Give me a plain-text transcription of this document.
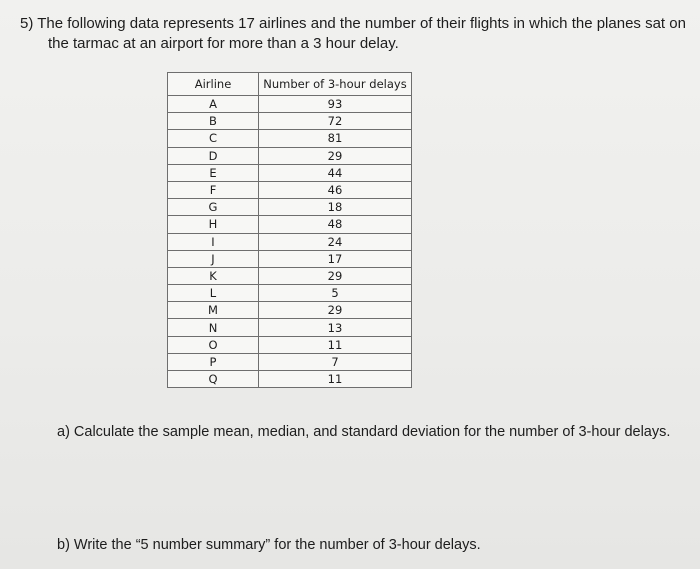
5) The following data represents 17 airlines and the number of their flights in which the planes sat on
the tarmac at an airport for more than a 3 hour delay.
Airline	Number of 3-hour delays
A	93
B	72
C	81
D	29
E	44
F	46
G	18
H	48
I	24
J	17
K	29
L	5
M	29
N	13
O	11
P	7
Q	11
a) Calculate the sample mean, median, and standard deviation for the number of 3-hour delays.
b) Write the “5 number summary” for the number of 3-hour delays.
